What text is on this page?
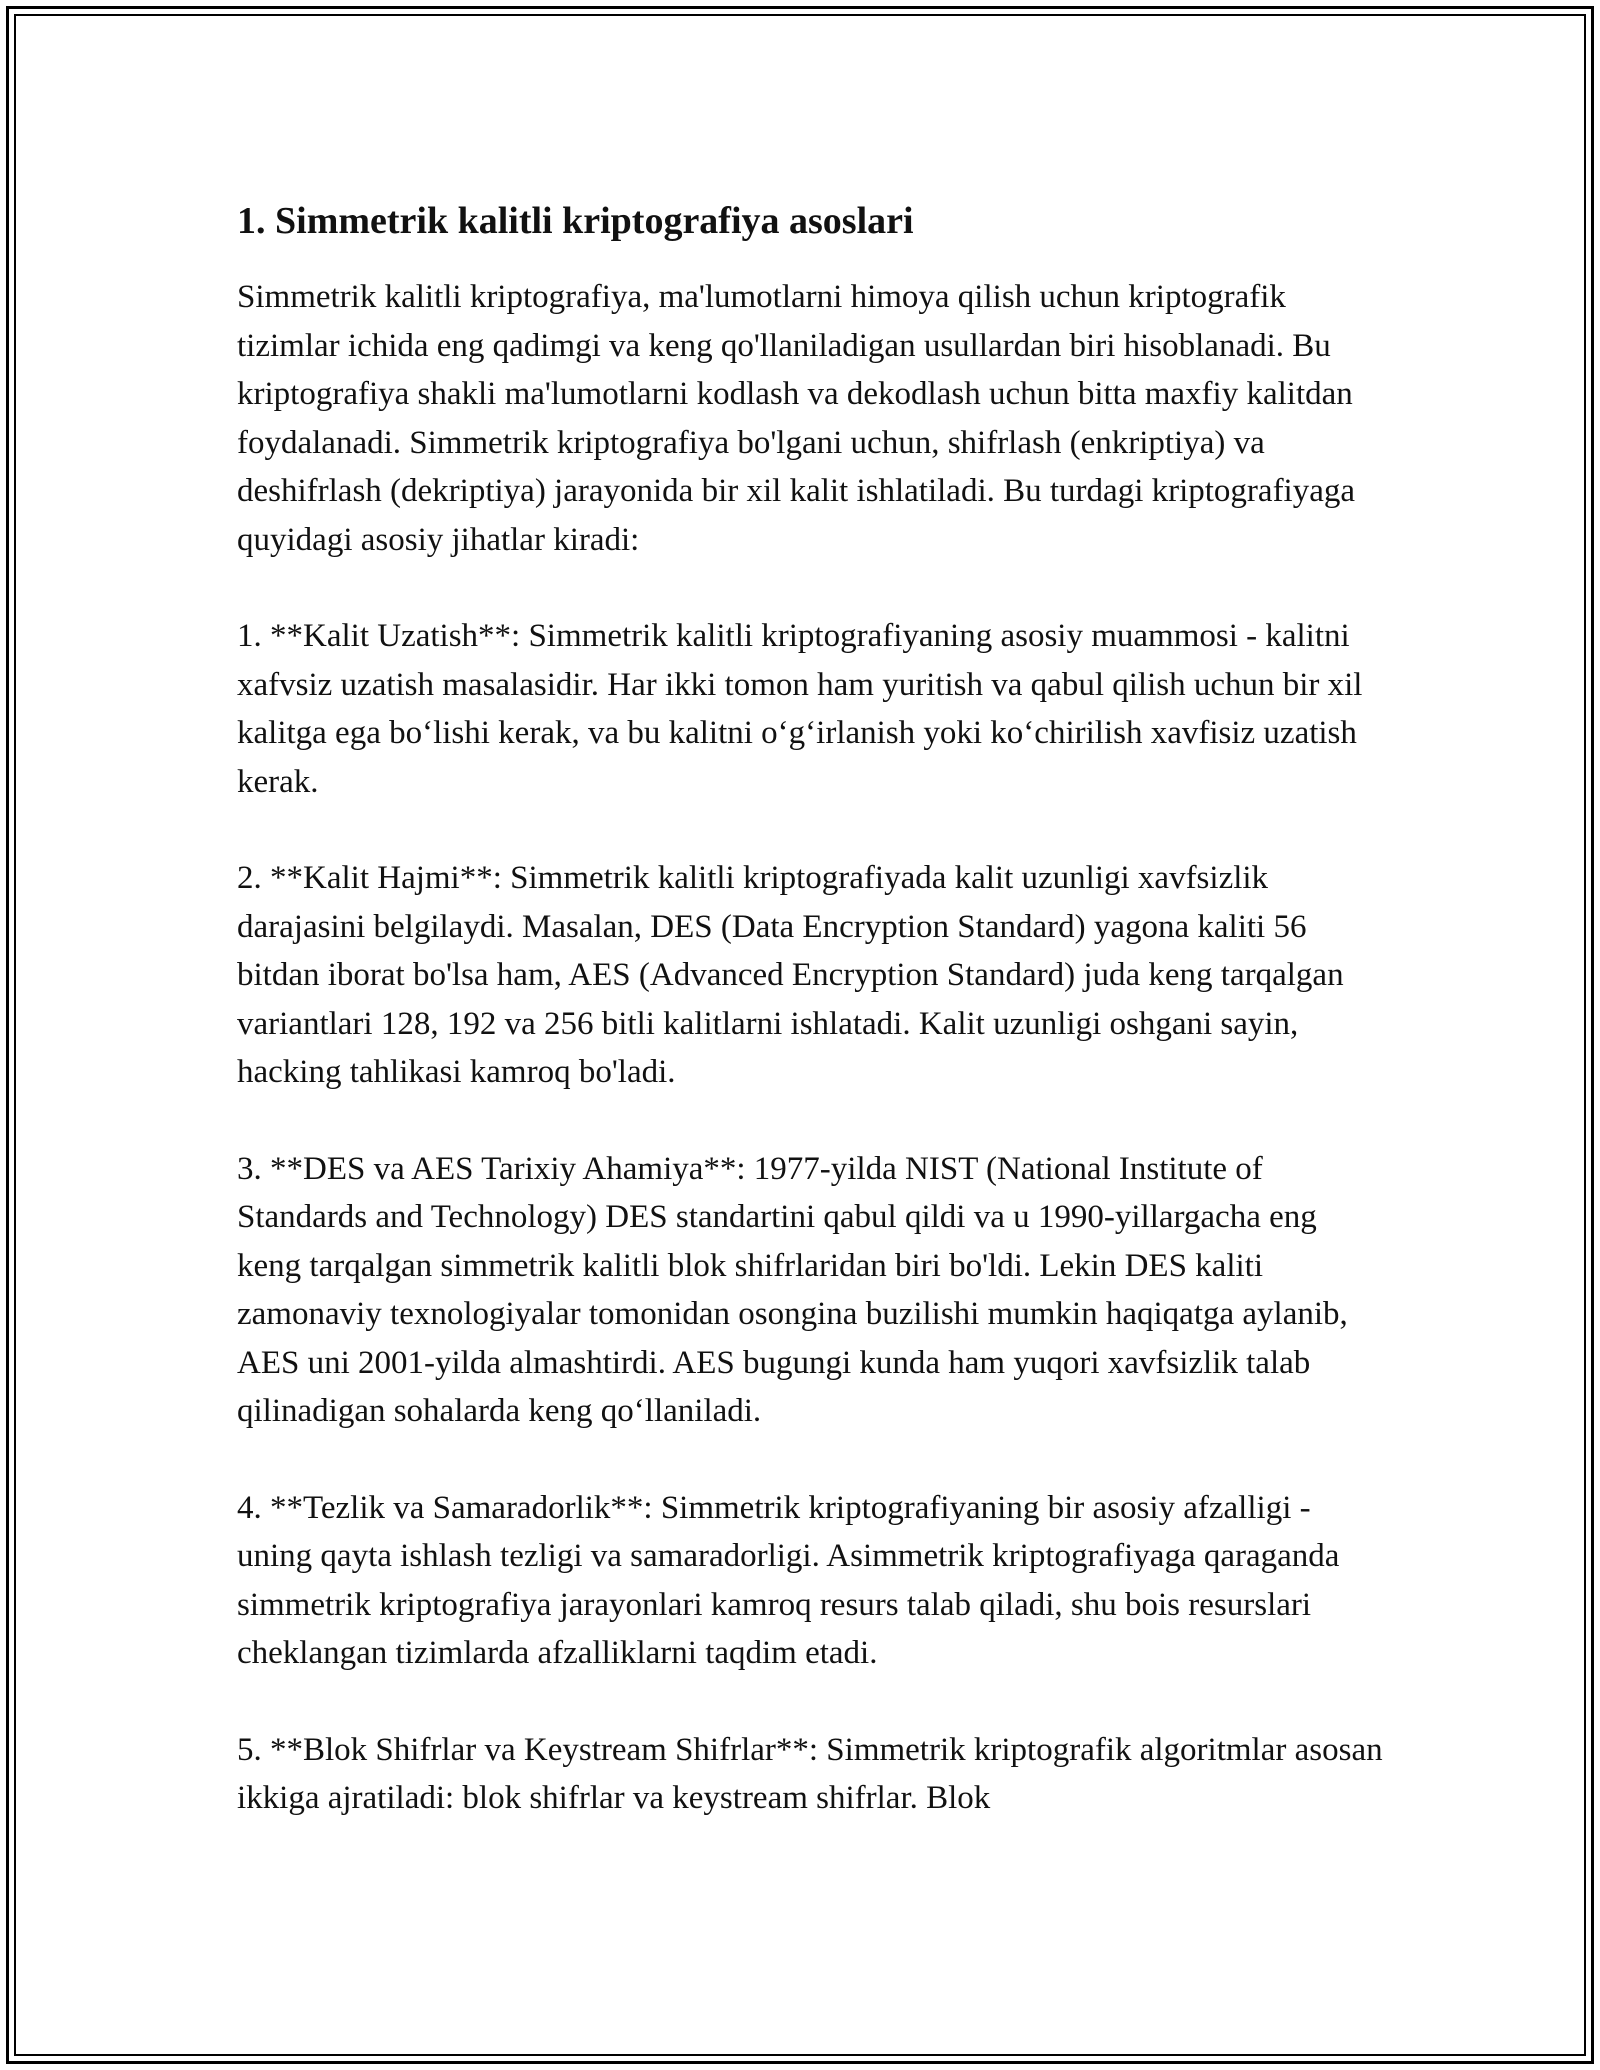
1. Simmetrik kalitli kriptografiya asoslari

Simmetrik kalitli kriptografiya, ma'lumotlarni himoya qilish uchun kriptografik tizimlar ichida eng qadimgi va keng qo'llaniladigan usullardan biri hisoblanadi. Bu kriptografiya shakli ma'lumotlarni kodlash va dekodlash uchun bitta maxfiy kalitdan foydalanadi. Simmetrik kriptografiya bo'lgani uchun, shifrlash (enkriptiya) va deshifrlash (dekriptiya) jarayonida bir xil kalit ishlatiladi. Bu turdagi kriptografiyaga quyidagi asosiy jihatlar kiradi:

1. **Kalit Uzatish**: Simmetrik kalitli kriptografiyaning asosiy muammosi - kalitni xafvsiz uzatish masalasidir. Har ikki tomon ham yuritish va qabul qilish uchun bir xil kalitga ega bo‘lishi kerak, va bu kalitni o‘g‘irlanish yoki ko‘chirilish xavfisiz uzatish kerak.

2. **Kalit Hajmi**: Simmetrik kalitli kriptografiyada kalit uzunligi xavfsizlik darajasini belgilaydi. Masalan, DES (Data Encryption Standard) yagona kaliti 56 bitdan iborat bo'lsa ham, AES (Advanced Encryption Standard) juda keng tarqalgan variantlari 128, 192 va 256 bitli kalitlarni ishlatadi. Kalit uzunligi oshgani sayin, hacking tahlikasi kamroq bo'ladi.

3. **DES va AES Tarixiy Ahamiya**: 1977-yilda NIST (National Institute of Standards and Technology) DES standartini qabul qildi va u 1990-yillargacha eng keng tarqalgan simmetrik kalitli blok shifrlaridan biri bo'ldi. Lekin DES kaliti zamonaviy texnologiyalar tomonidan osongina buzilishi mumkin haqiqatga aylanib, AES uni 2001-yilda almashtirdi. AES bugungi kunda ham yuqori xavfsizlik talab qilinadigan sohalarda keng qo‘llaniladi.

4. **Tezlik va Samaradorlik**: Simmetrik kriptografiyaning bir asosiy afzalligi - uning qayta ishlash tezligi va samaradorligi. Asimmetrik kriptografiyaga qaraganda simmetrik kriptografiya jarayonlari kamroq resurs talab qiladi, shu bois resurslari cheklangan tizimlarda afzalliklarni taqdim etadi.

5. **Blok Shifrlar va Keystream Shifrlar**: Simmetrik kriptografik algoritmlar asosan ikkiga ajratiladi: blok shifrlar va keystream shifrlar. Blok
